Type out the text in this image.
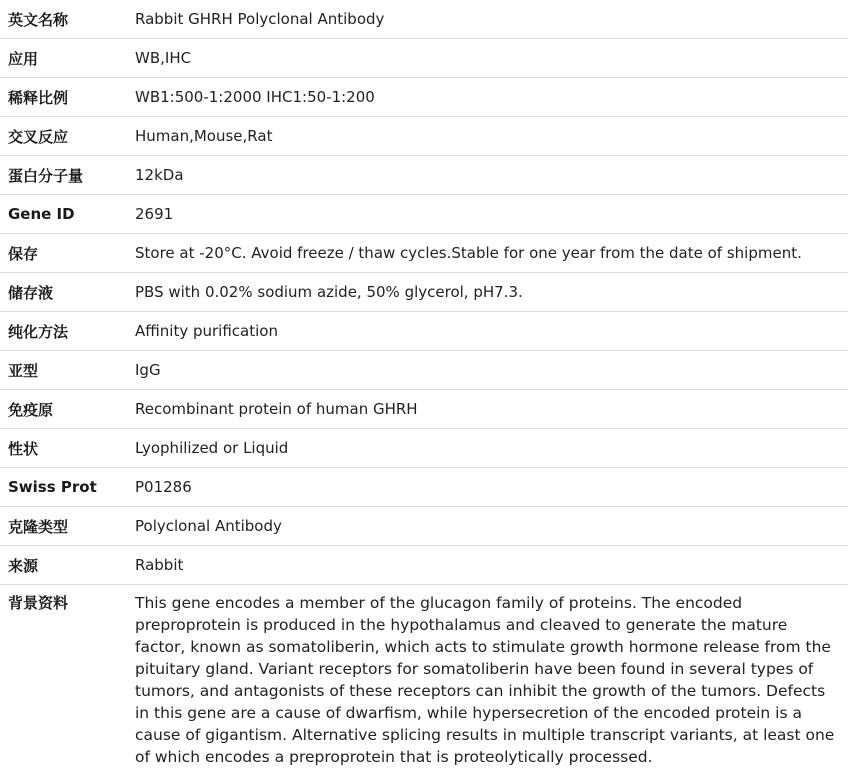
英文名称	Rabbit GHRH Polyclonal Antibody
应用	WB,IHC
稀释比例	WB1:500-1:2000 IHC1:50-1:200
交叉反应	Human,Mouse,Rat
蛋白分子量	12kDa
Gene ID	2691
保存	Store at -20°C. Avoid freeze / thaw cycles.Stable for one year from the date of shipment.
储存液	PBS with 0.02% sodium azide, 50% glycerol, pH7.3.
纯化方法	Affinity purification
亚型	IgG
免疫原	Recombinant protein of human GHRH
性状	Lyophilized or Liquid
Swiss Prot	P01286
克隆类型	Polyclonal Antibody
来源	Rabbit
背景资料	This gene encodes a member of the glucagon family of proteins. The encoded preproprotein is produced in the hypothalamus and cleaved to generate the mature factor, known as somatoliberin, which acts to stimulate growth hormone release from the pituitary gland. Variant receptors for somatoliberin have been found in several types of tumors, and antagonists of these receptors can inhibit the growth of the tumors. Defects in this gene are a cause of dwarfism, while hypersecretion of the encoded protein is a cause of gigantism. Alternative splicing results in multiple transcript variants, at least one of which encodes a preproprotein that is proteolytically processed.
